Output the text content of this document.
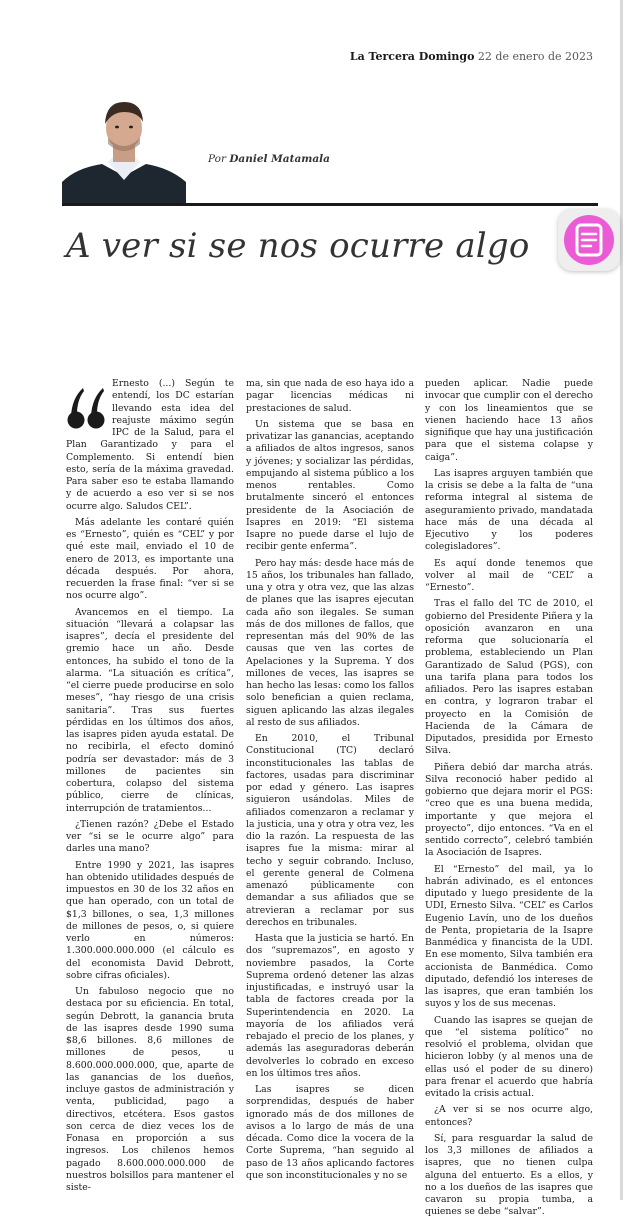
La Tercera Domingo 22 de enero de 2023
Por Daniel Matamala
A ver si se nos ocurre algo

Ernesto (...) Según te entendí, los DC estarían llevando esta idea del reajuste máximo según IPC de la Salud, para el Plan Garantizado y para el Complemento. Si entendí bien esto, sería de la máxima gravedad. Para saber eso te estaba llamando y de acuerdo a eso ver si se nos ocurre algo. Saludos CEL”.

Más adelante les contaré quién es “Ernesto”, quién es “CEL” y por qué este mail, enviado el 10 de enero de 2013, es importante una década después. Por ahora, recuerden la frase final: “ver si se nos ocurre algo”.

Avancemos en el tiempo. La situación “llevará a colapsar las isapres”, decía el presidente del gremio hace un año. Desde entonces, ha subido el tono de la alarma. “La situación es crítica”, “el cierre puede producirse en solo meses”, “hay riesgo de una crisis sanitaria”. Tras sus fuertes pérdidas en los últimos dos años, las isapres piden ayuda estatal. De no recibirla, el efecto dominó podría ser devastador: más de 3 millones de pacientes sin cobertura, colapso del sistema público, cierre de clínicas, interrupción de tratamientos...

¿Tienen razón? ¿Debe el Estado ver “si se le ocurre algo” para darles una mano?

Entre 1990 y 2021, las isapres han obtenido utilidades después de impuestos en 30 de los 32 años en que han operado, con un total de $1,3 billones, o sea, 1,3 millones de millones de pesos, o, si quiere verlo en números: 1.300.000.000.000 (el cálculo es del economista David Debrott, sobre cifras oficiales).

Un fabuloso negocio que no destaca por su eficiencia. En total, según Debrott, la ganancia bruta de las isapres desde 1990 suma $8,6 billones. 8,6 millones de millones de pesos, u 8.600.000.000.000, que, aparte de las ganancias de los dueños, incluye gastos de administración y venta, publicidad, pago a directivos, etcétera. Esos gastos son cerca de diez veces los de Fonasa en proporción a sus ingresos. Los chilenos hemos pagado 8.600.000.000.000 de nuestros bolsillos para mantener el siste-

ma, sin que nada de eso haya ido a pagar licencias médicas ni prestaciones de salud.

Un sistema que se basa en privatizar las ganancias, aceptando a afiliados de altos ingresos, sanos y jóvenes; y socializar las pérdidas, empujando al sistema público a los menos rentables. Como brutalmente sinceró el entonces presidente de la Asociación de Isapres en 2019: “El sistema Isapre no puede darse el lujo de recibir gente enferma”.

Pero hay más: desde hace más de 15 años, los tribunales han fallado, una y otra y otra vez, que las alzas de planes que las isapres ejecutan cada año son ilegales. Se suman más de dos millones de fallos, que representan más del 90% de las causas que ven las cortes de Apelaciones y la Suprema. Y dos millones de veces, las isapres se han hecho las lesas: como los fallos solo benefician a quien reclama, siguen aplicando las alzas ilegales al resto de sus afiliados.

En 2010, el Tribunal Constitucional (TC) declaró inconstitucionales las tablas de factores, usadas para discriminar por edad y género. Las isapres siguieron usándolas. Miles de afiliados comenzaron a reclamar y la justicia, una y otra y otra vez, les dio la razón. La respuesta de las isapres fue la misma: mirar al techo y seguir cobrando. Incluso, el gerente general de Colmena amenazó públicamente con demandar a sus afiliados que se atrevieran a reclamar por sus derechos en tribunales.

Hasta que la justicia se hartó. En dos “supremazos”, en agosto y noviembre pasados, la Corte Suprema ordenó detener las alzas injustificadas, e instruyó usar la tabla de factores creada por la Superintendencia en 2020. La mayoría de los afiliados verá rebajado el precio de los planes, y además las aseguradoras deberán devolverles lo cobrado en exceso en los últimos tres años.

Las isapres se dicen sorprendidas, después de haber ignorado más de dos millones de avisos a lo largo de más de una década. Como dice la vocera de la Corte Suprema, “han seguido al paso de 13 años aplicando factores que son inconstitucionales y no se

pueden aplicar. Nadie puede invocar que cumplir con el derecho y con los lineamientos que se vienen haciendo hace 13 años signifique que hay una justificación para que el sistema colapse y caiga”.

Las isapres arguyen también que la crisis se debe a la falta de “una reforma integral al sistema de aseguramiento privado, mandatada hace más de una década al Ejecutivo y los poderes colegisladores”.

Es aquí donde tenemos que volver al mail de “CEL” a “Ernesto”.

Tras el fallo del TC de 2010, el gobierno del Presidente Piñera y la oposición avanzaron en una reforma que solucionaría el problema, estableciendo un Plan Garantizado de Salud (PGS), con una tarifa plana para todos los afiliados. Pero las isapres estaban en contra, y lograron trabar el proyecto en la Comisión de Hacienda de la Cámara de Diputados, presidida por Ernesto Silva.

Piñera debió dar marcha atrás. Silva reconoció haber pedido al gobierno que dejara morir el PGS: “creo que es una buena medida, importante y que mejora el proyecto”, dijo entonces. “Va en el sentido correcto”, celebró también la Asociación de Isapres.

El “Ernesto” del mail, ya lo habrán adivinado, es el entonces diputado y luego presidente de la UDI, Ernesto Silva. “CEL” es Carlos Eugenio Lavín, uno de los dueños de Penta, propietaria de la Isapre Banmédica y financista de la UDI. En ese momento, Silva también era accionista de Banmédica. Como diputado, defendió los intereses de las isapres, que eran también los suyos y los de sus mecenas.

Cuando las isapres se quejan de que “el sistema político” no resolvió el problema, olvidan que hicieron lobby (y al menos una de ellas usó el poder de su dinero) para frenar el acuerdo que habría evitado la crisis actual.

¿A ver si se nos ocurre algo, entonces?

Sí, para resguardar la salud de los 3,3 millones de afiliados a isapres, que no tienen culpa alguna del entuerto. Es a ellos, y no a los dueños de las isapres que cavaron su propia tumba, a quienes se debe “salvar”.
